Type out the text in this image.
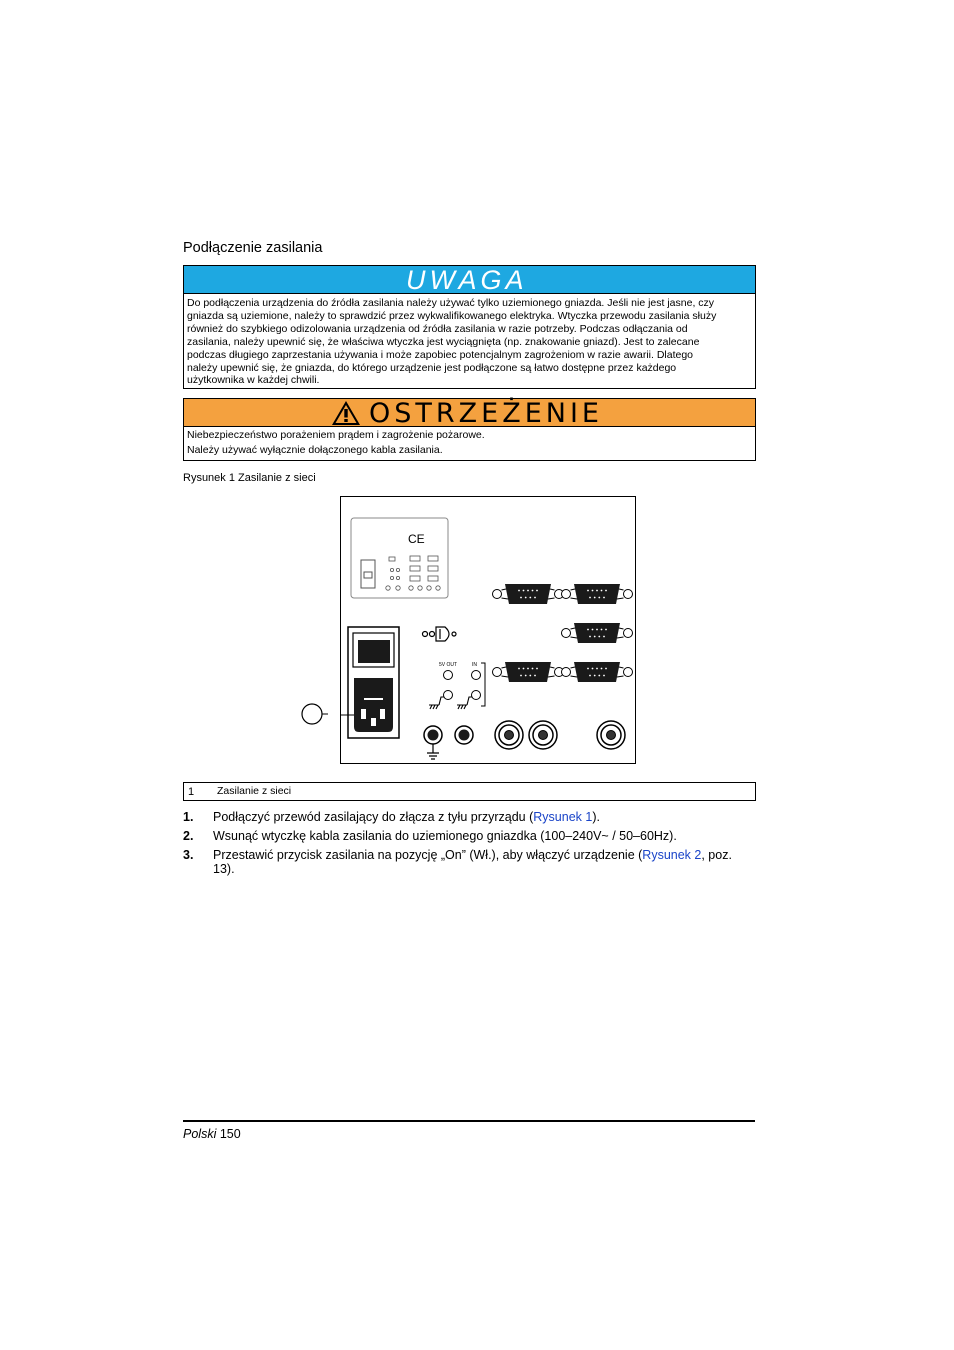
Podłączenie zasilania
UWAGA
Do podłączenia urządzenia do źródła zasilania należy używać tylko uziemionego gniazda. Jeśli nie jest jasne, czy
gniazda są uziemione, należy to sprawdzić przez wykwalifikowanego elektryka. Wtyczka przewodu zasilania służy
również do szybkiego odizolowania urządzenia od źródła zasilania w razie potrzeby. Podczas odłączania od
zasilania, należy upewnić się, że właściwa wtyczka jest wyciągnięta (np. znakowanie gniazd). Jest to zalecane
podczas długiego zaprzestania używania i może zapobiec potencjalnym zagrożeniom w razie awarii. Dlatego
należy upewnić się, że gniazda, do którego urządzenie jest podłączone są łatwo dostępne przez każdego
użytkownika w każdej chwili.
OSTRZEŻENIE
Niebezpieczeństwo porażeniem prądem i zagrożenie pożarowe.
Należy używać wyłącznie dołączonego kabla zasilania.
Rysunek 1 Zasilanie z sieci
CE
5V OUT	IN
1 Zasilanie z sieci
1. Podłączyć przewód zasilający do złącza z tyłu przyrządu (Rysunek 1).
2. Wsunąć wtyczkę kabla zasilania do uziemionego gniazdka (100–240V~ / 50–60Hz).
3. Przestawić przycisk zasilania na pozycję „On” (Wł.), aby włączyć urządzenie (Rysunek 2, poz.
13).
Polski 150
